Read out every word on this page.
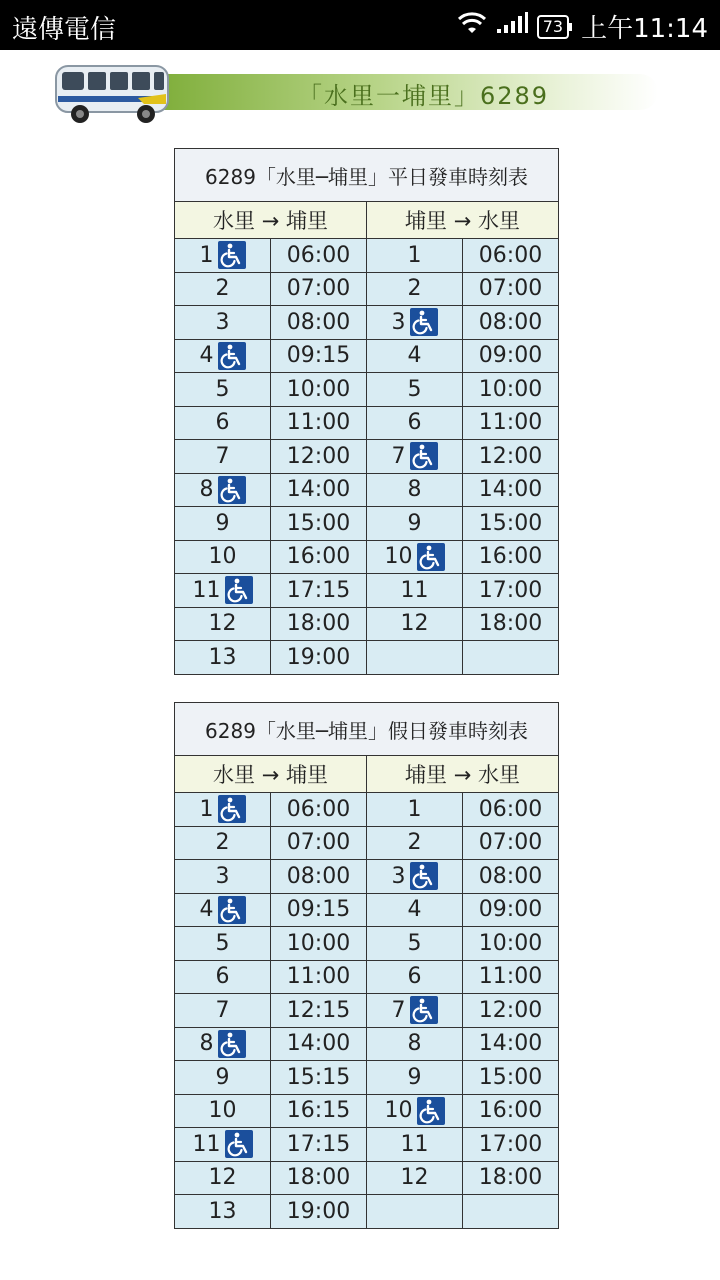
遠傳電信	73 上午11:14
「水里一埔里」6289
6289「水里─埔里」平日發車時刻表			
水里 → 埔里		埔里 → 水里	

1	06:00	1	06:00

2	07:00	2	07:00

3	08:00	3	08:00

4	09:15	4	09:00

5	10:00	5	10:00

6	11:00	6	11:00

7	12:00	7	12:00

8	14:00	8	14:00

9	15:00	9	15:00

10	16:00	10	16:00

11	17:15	11	17:00

12	18:00	12	18:00

13	19:00	

6289「水里─埔里」假日發車時刻表			
水里 → 埔里		埔里 → 水里	

1	06:00	1	06:00

2	07:00	2	07:00

3	08:00	3	08:00

4	09:15	4	09:00

5	10:00	5	10:00

6	11:00	6	11:00

7	12:15	7	12:00

8	14:00	8	14:00

9	15:15	9	15:00

10	16:15	10	16:00

11	17:15	11	17:00

12	18:00	12	18:00

13	19:00	
